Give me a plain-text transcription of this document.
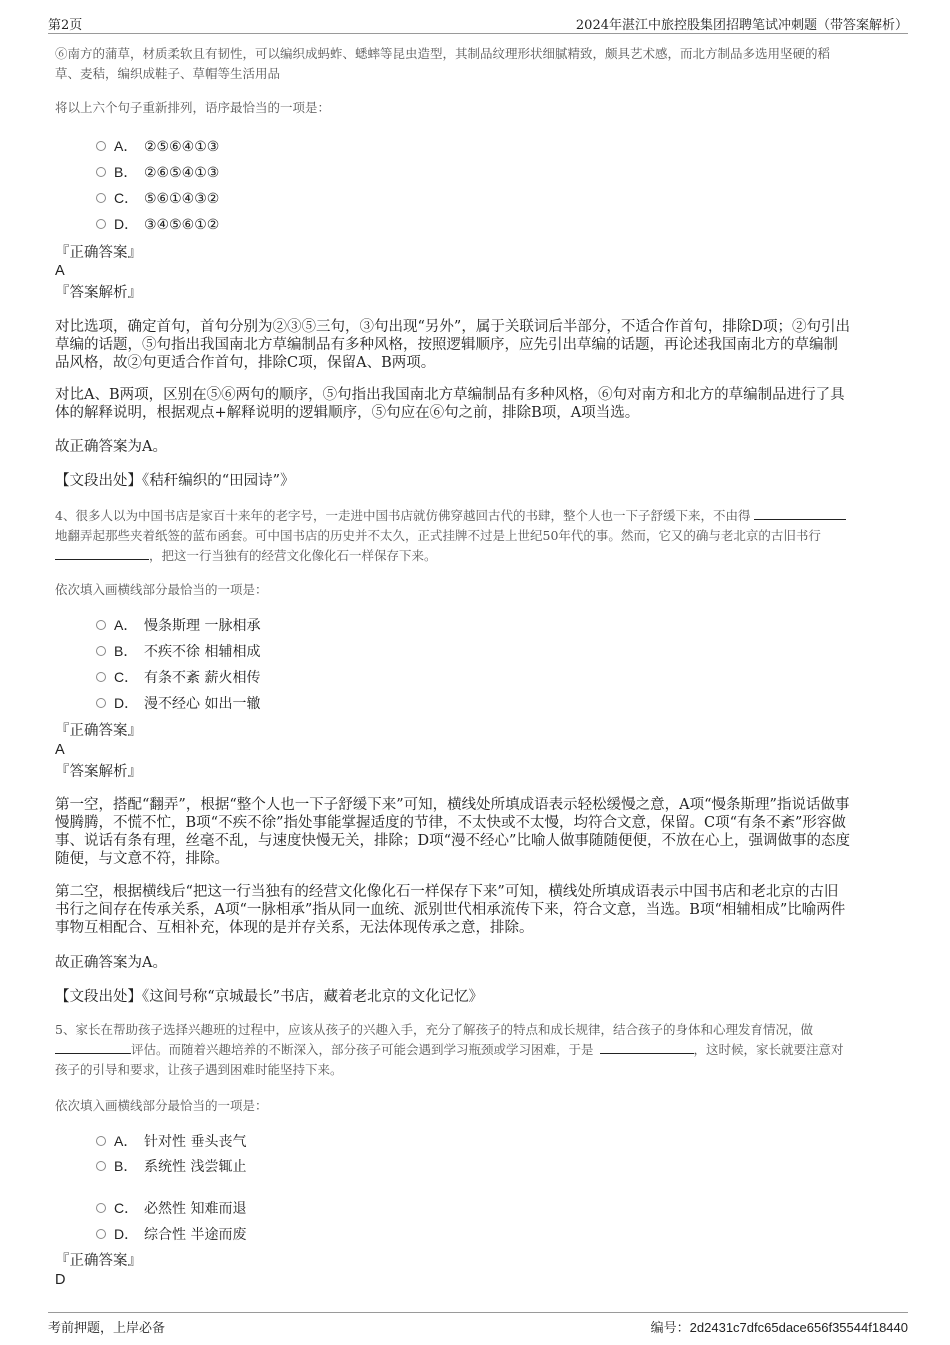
第2页	2024年湛江中旅控股集团招聘笔试冲刺题（带答案解析）
⑥南方的蒲草，材质柔软且有韧性，可以编织成蚂蚱、蟋蟀等昆虫造型，其制品纹理形状细腻精致，颇具艺术感，而北方制品多选用坚硬的稻
草、麦秸，编织成鞋子、草帽等生活用品
将以上六个句子重新排列，语序最恰当的一项是：
A． ②⑤⑥④①③
B． ②⑥⑤④①③
C． ⑤⑥①④③②
D． ③④⑤⑥①②
『正确答案』
A
『答案解析』
对比选项，确定首句，首句分别为②③⑤三句，③句出现“另外”，属于关联词后半部分，不适合作首句，排除D项；②句引出
草编的话题，⑤句指出我国南北方草编制品有多种风格，按照逻辑顺序，应先引出草编的话题，再论述我国南北方的草编制
品风格，故②句更适合作首句，排除C项，保留A、B两项。
对比A、B两项，区别在⑤⑥两句的顺序，⑤句指出我国南北方草编制品有多种风格，⑥句对南方和北方的草编制品进行了具
体的解释说明，根据观点+解释说明的逻辑顺序，⑤句应在⑥句之前，排除B项，A项当选。
故正确答案为A。
【文段出处】《秸秆编织的“田园诗”》
4、很多人以为中国书店是家百十来年的老字号，一走进中国书店就仿佛穿越回古代的书肆，整个人也一下子舒缓下来，不由得
地翻弄起那些夹着纸签的蓝布函套。可中国书店的历史并不太久，正式挂牌不过是上世纪50年代的事。然而，它又的确与老北京的古旧书行
，把这一行当独有的经营文化像化石一样保存下来。
依次填入画横线部分最恰当的一项是：
A． 慢条斯理 一脉相承
B． 不疾不徐 相辅相成
C． 有条不紊 薪火相传
D． 漫不经心 如出一辙
『正确答案』
A
『答案解析』
第一空，搭配“翻弄”，根据“整个人也一下子舒缓下来”可知，横线处所填成语表示轻松缓慢之意，A项“慢条斯理”指说话做事
慢腾腾，不慌不忙，B项“不疾不徐”指处事能掌握适度的节律，不太快或不太慢，均符合文意，保留。C项“有条不紊”形容做
事、说话有条有理，丝毫不乱，与速度快慢无关，排除；D项“漫不经心”比喻人做事随随便便，不放在心上，强调做事的态度
随便，与文意不符，排除。
第二空，根据横线后“把这一行当独有的经营文化像化石一样保存下来”可知，横线处所填成语表示中国书店和老北京的古旧
书行之间存在传承关系，A项“一脉相承”指从同一血统、派别世代相承流传下来，符合文意，当选。B项“相辅相成”比喻两件
事物互相配合、互相补充，体现的是并存关系，无法体现传承之意，排除。
故正确答案为A。
【文段出处】《这间号称“京城最长”书店，藏着老北京的文化记忆》
5、家长在帮助孩子选择兴趣班的过程中，应该从孩子的兴趣入手，充分了解孩子的特点和成长规律，结合孩子的身体和心理发育情况，做
评估。而随着兴趣培养的不断深入，部分孩子可能会遇到学习瓶颈或学习困难，于是	，这时候，家长就要注意对
孩子的引导和要求，让孩子遇到困难时能坚持下来。
依次填入画横线部分最恰当的一项是：
A． 针对性 垂头丧气
B． 系统性 浅尝辄止
C． 必然性 知难而退
D． 综合性 半途而废
『正确答案』
D
考前押题，上岸必备	编号：2d2431c7dfc65dace656f35544f18440
